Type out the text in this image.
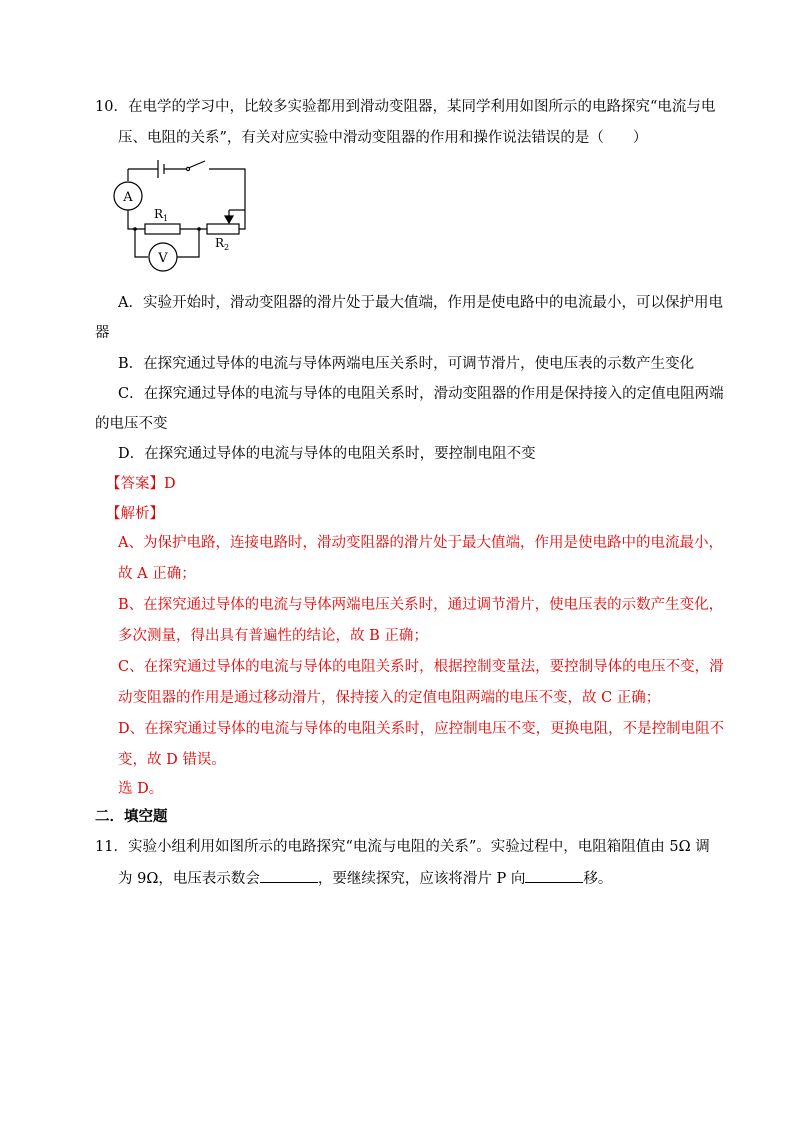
10．在电学的学习中，比较多实验都用到滑动变阻器，某同学利用如图所示的电路探究“电流与电
压、电阻的关系”，有关对应实验中滑动变阻器的作用和操作说法错误的是（　　）
A
V
R 1
R 2
A．实验开始时，滑动变阻器的滑片处于最大值端，作用是使电路中的电流最小，可以保护用电
器
B．在探究通过导体的电流与导体两端电压关系时，可调节滑片，使电压表的示数产生变化
C．在探究通过导体的电流与导体的电阻关系时，滑动变阻器的作用是保持接入的定值电阻两端
的电压不变
D．在探究通过导体的电流与导体的电阻关系时，要控制电阻不变
【答案】D
【解析】
A、为保护电路，连接电路时，滑动变阻器的滑片处于最大值端，作用是使电路中的电流最小，
故 A 正确；
B、在探究通过导体的电流与导体两端电压关系时，通过调节滑片，使电压表的示数产生变化，
多次测量，得出具有普遍性的结论，故 B 正确；
C、在探究通过导体的电流与导体的电阻关系时，根据控制变量法，要控制导体的电压不变，滑
动变阻器的作用是通过移动滑片，保持接入的定值电阻两端的电压不变，故 C 正确；
D、在探究通过导体的电流与导体的电阻关系时，应控制电压不变，更换电阻，不是控制电阻不
变，故 D 错误。
选 D。
二．填空题
11．实验小组利用如图所示的电路探究“电流与电阻的关系”。实验过程中，电阻箱阻值由 5Ω 调
为 9Ω，电压表示数会	，要继续探究，应该将滑片 P 向	移。
